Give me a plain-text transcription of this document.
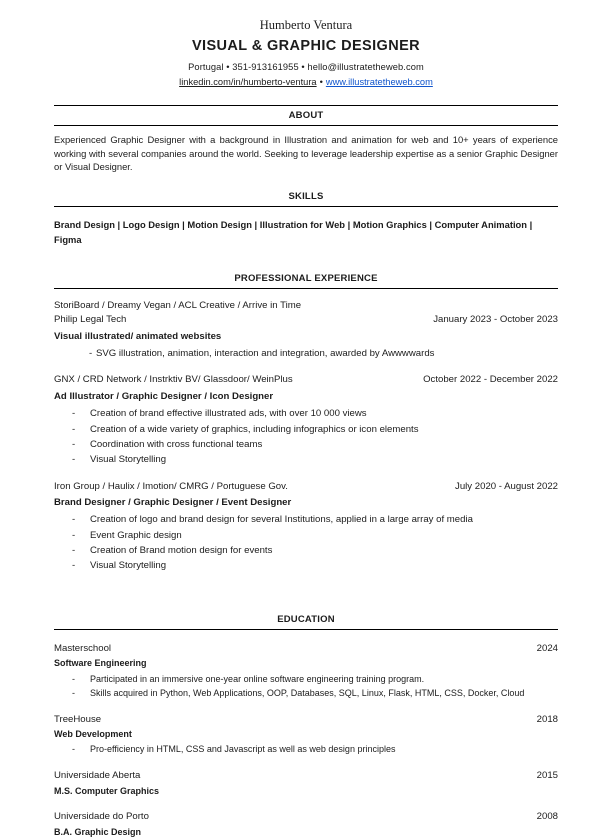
Humberto Ventura
VISUAL & GRAPHIC DESIGNER
Portugal • 351-913161955 • hello@illustratetheweb.com
linkedin.com/in/humberto-ventura • www.illustratetheweb.com
ABOUT

Experienced Graphic Designer with a background in Illustration and animation for web and 10+ years of experience working with several companies around the world. Seeking to leverage leadership expertise as a senior Graphic Designer or Visual Designer.

SKILLS

Brand Design | Logo Design | Motion Design | Illustration for Web | Motion Graphics | Computer Animation | Figma

PROFESSIONAL EXPERIENCE
StoriBoard / Dreamy Vegan / ACL Creative / Arrive in Time
Philip Legal Tech	January 2023 - October 2023
Visual illustrated/ animated websites
- SVG illustration, animation, interaction and integration, awarded by Awwwwards
GNX / CRD Network / Instrktiv BV/ Glassdoor/ WeinPlus	October 2022 - December 2022
Ad Illustrator / Graphic Designer / Icon Designer
- Creation of brand effective illustrated ads, with over 10 000 views
- Creation of a wide variety of graphics, including infographics or icon elements
- Coordination with cross functional teams
- Visual Storytelling
Iron Group / Haulix / Imotion/ CMRG / Portuguese Gov.	July 2020 - August 2022
Brand Designer / Graphic Designer / Event Designer
- Creation of logo and brand design for several Institutions, applied in a large array of media
- Event Graphic design
- Creation of Brand motion design for events
- Visual Storytelling
EDUCATION
Masterschool	2024
Software Engineering
- Participated in an immersive one-year online software engineering training program.
- Skills acquired in Python, Web Applications, OOP, Databases, SQL, Linux, Flask, HTML, CSS, Docker, Cloud
TreeHouse	2018
Web Development
- Pro-efficiency in HTML, CSS and Javascript as well as web design principles
Universidade Aberta	2015
M.S. Computer Graphics
Universidade do Porto	2008
B.A. Graphic Design
